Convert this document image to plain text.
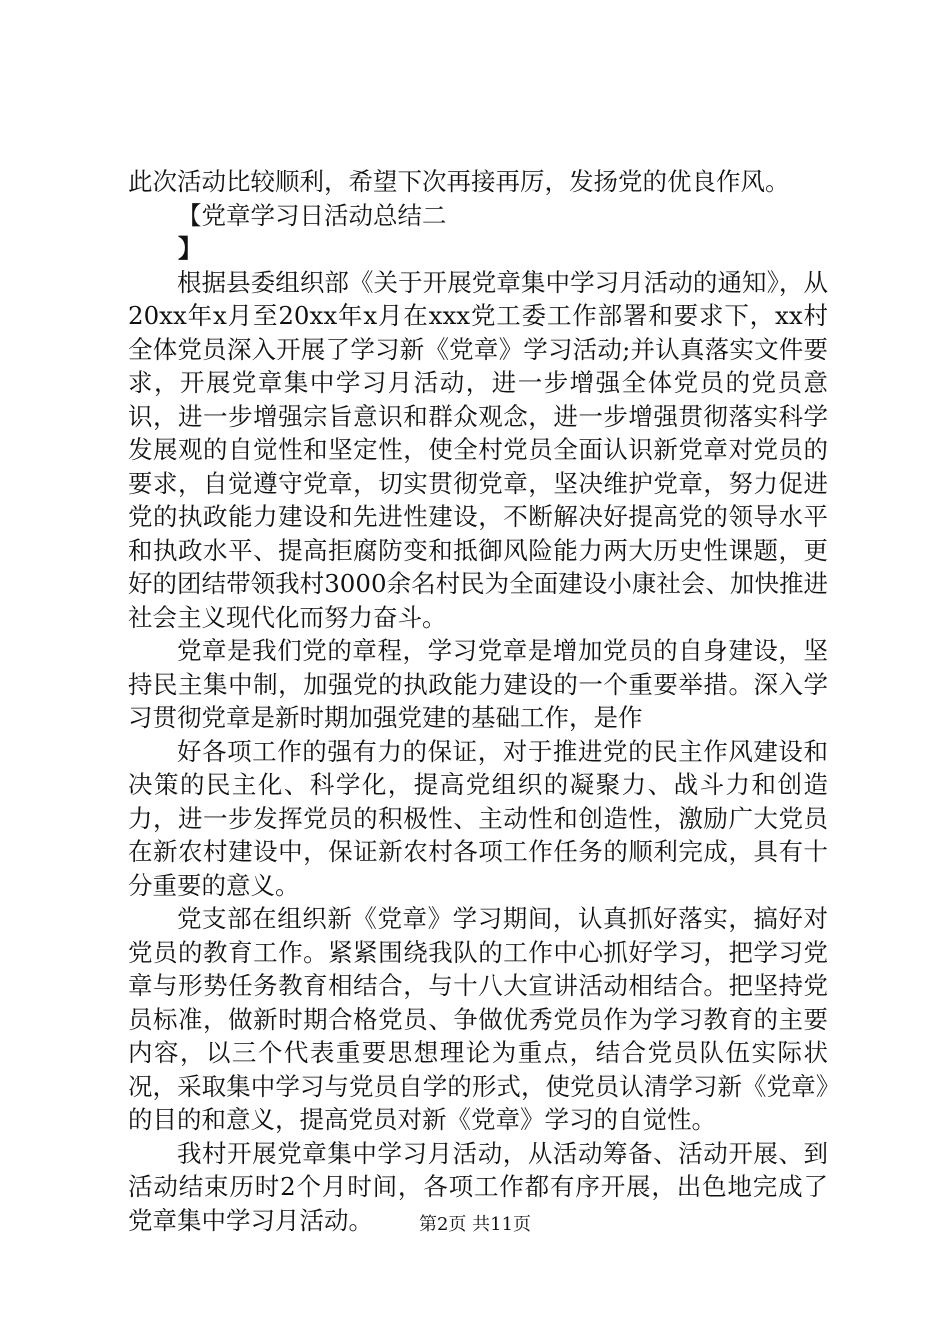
此次活动比较顺利，希望下次再接再厉，发扬党的优良作风。

【党章学习日活动总结二

】

根据县委组织部《关于开展党章集中学习月活动的通知》，从20xx年x月至20xx年x月在xxx党工委工作部署和要求下，xx村全体党员深入开展了学习新《党章》学习活动;并认真落实文件要求，开展党章集中学习月活动，进一步增强全体党员的党员意识，进一步增强宗旨意识和群众观念，进一步增强贯彻落实科学发展观的自觉性和坚定性，使全村党员全面认识新党章对党员的要求，自觉遵守党章，切实贯彻党章，坚决维护党章，努力促进党的执政能力建设和先进性建设，不断解决好提高党的领导水平和执政水平、提高拒腐防变和抵御风险能力两大历史性课题，更好的团结带领我村3000余名村民为全面建设小康社会、加快推进社会主义现代化而努力奋斗。

党章是我们党的章程，学习党章是增加党员的自身建设，坚持民主集中制，加强党的执政能力建设的一个重要举措。深入学习贯彻党章是新时期加强党建的基础工作，是作

好各项工作的强有力的保证，对于推进党的民主作风建设和决策的民主化、科学化，提高党组织的凝聚力、战斗力和创造力，进一步发挥党员的积极性、主动性和创造性，激励广大党员在新农村建设中，保证新农村各项工作任务的顺利完成，具有十分重要的意义。

党支部在组织新《党章》学习期间，认真抓好落实，搞好对党员的教育工作。紧紧围绕我队的工作中心抓好学习，把学习党章与形势任务教育相结合，与十八大宣讲活动相结合。把坚持党员标准，做新时期合格党员、争做优秀党员作为学习教育的主要内容，以三个代表重要思想理论为重点，结合党员队伍实际状况，采取集中学习与党员自学的形式，使党员认清学习新《党章》的目的和意义，提高党员对新《党章》学习的自觉性。

我村开展党章集中学习月活动，从活动筹备、活动开展、到活动结束历时2个月时间，各项工作都有序开展，出色地完成了党章集中学习月活动。	第2页 共11页
